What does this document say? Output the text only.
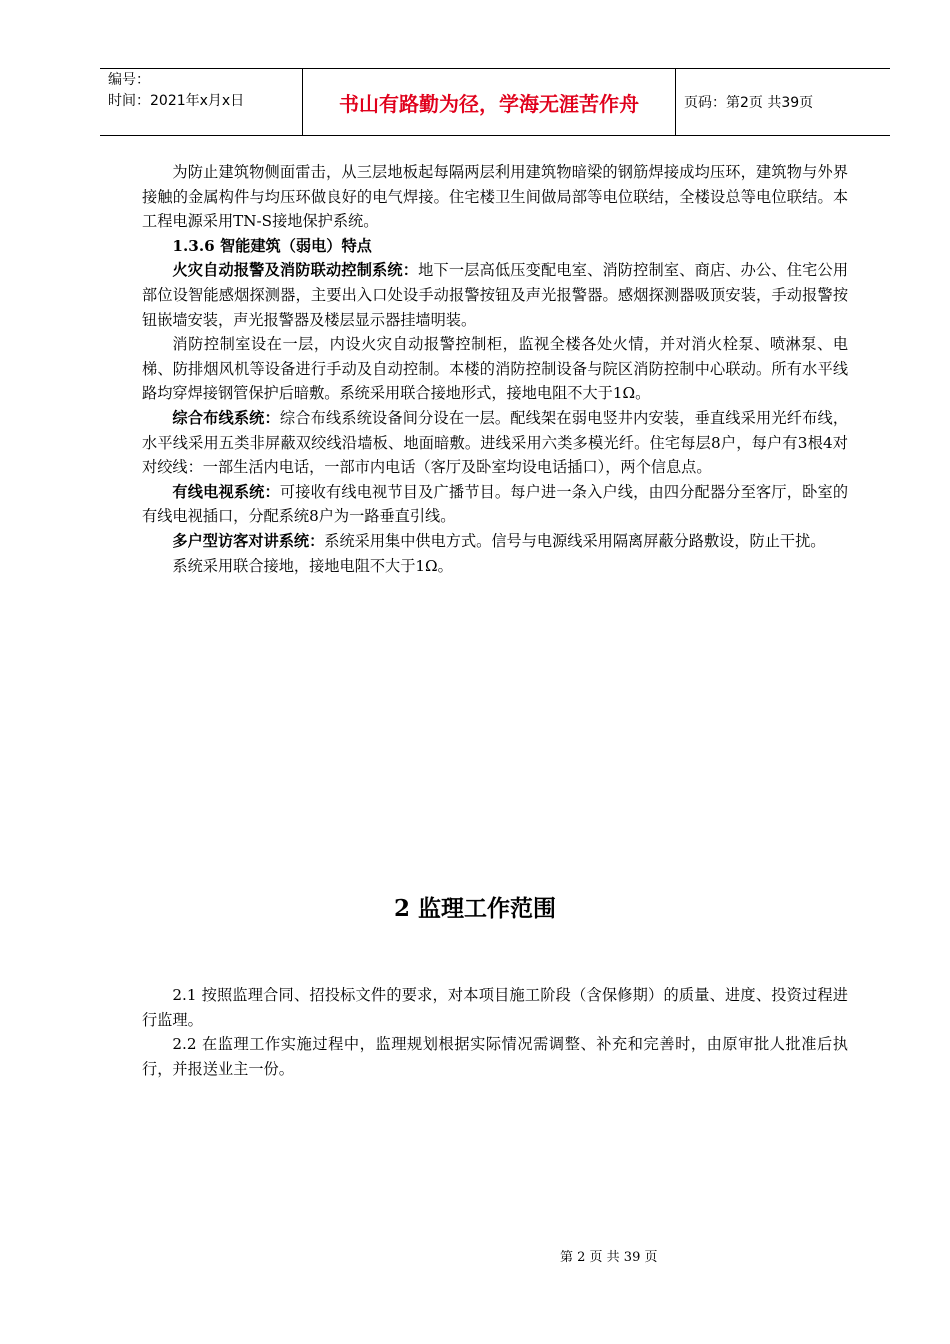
编号：
时间：2021年x月x日	书山有路勤为径，学海无涯苦作舟	页码：第2页 共39页

为防止建筑物侧面雷击，从三层地板起每隔两层利用建筑物暗梁的钢筋焊接成均压环，建筑物与外界接触的金属构件与均压环做良好的电气焊接。住宅楼卫生间做局部等电位联结，全楼设总等电位联结。本工程电源采用TN-S接地保护系统。

1.3.6 智能建筑（弱电）特点

火灾自动报警及消防联动控制系统：地下一层高低压变配电室、消防控制室、商店、办公、住宅公用部位设智能感烟探测器，主要出入口处设手动报警按钮及声光报警器。感烟探测器吸顶安装，手动报警按钮嵌墙安装，声光报警器及楼层显示器挂墙明装。

消防控制室设在一层，内设火灾自动报警控制柜，监视全楼各处火情，并对消火栓泵、喷淋泵、电梯、防排烟风机等设备进行手动及自动控制。本楼的消防控制设备与院区消防控制中心联动。所有水平线路均穿焊接钢管保护后暗敷。系统采用联合接地形式，接地电阻不大于1Ω。

综合布线系统：综合布线系统设备间分设在一层。配线架在弱电竖井内安装，垂直线采用光纤布线，水平线采用五类非屏蔽双绞线沿墙板、地面暗敷。进线采用六类多模光纤。住宅每层8户，每户有3根4对对绞线：一部生活内电话，一部市内电话（客厅及卧室均设电话插口），两个信息点。

有线电视系统：可接收有线电视节目及广播节目。每户进一条入户线，由四分配器分至客厅，卧室的有线电视插口，分配系统8户为一路垂直引线。

多户型访客对讲系统：系统采用集中供电方式。信号与电源线采用隔离屏蔽分路敷设，防止干扰。

系统采用联合接地，接地电阻不大于1Ω。

2 监理工作范围

2.1 按照监理合同、招投标文件的要求，对本项目施工阶段（含保修期）的质量、进度、投资过程进行监理。

2.2 在监理工作实施过程中，监理规划根据实际情况需调整、补充和完善时，由原审批人批准后执行，并报送业主一份。

第 2 页 共 39 页
